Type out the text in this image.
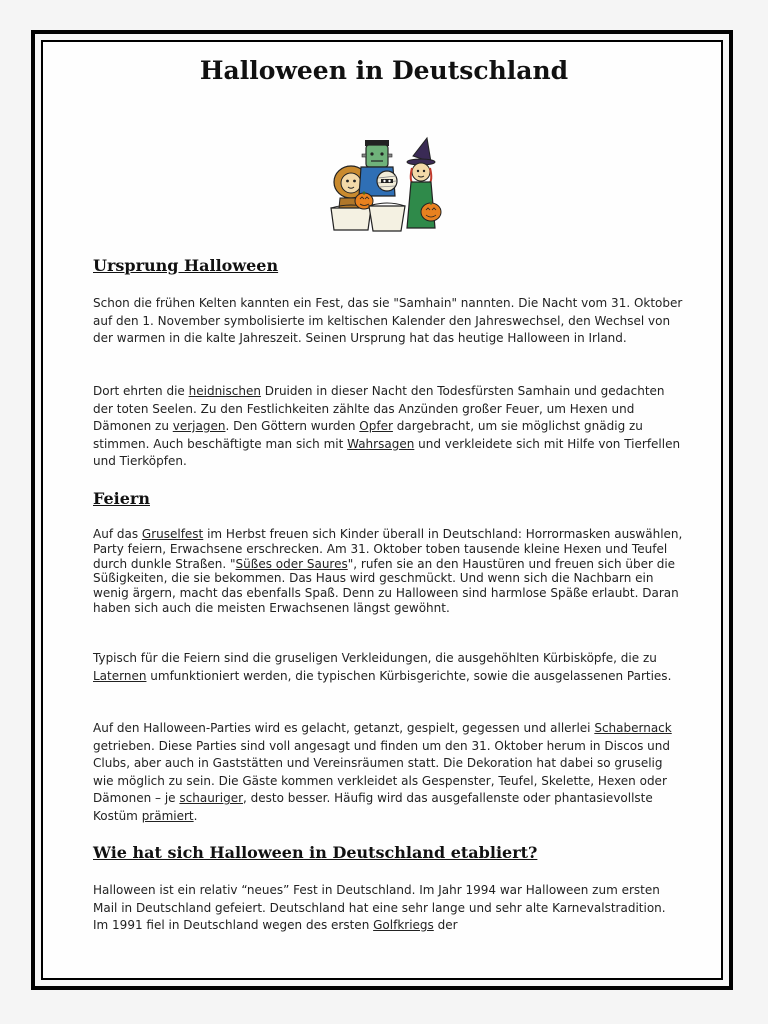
Halloween in Deutschland
Ursprung Halloween

Schon die frühen Kelten kannten ein Fest, das sie "Samhain" nannten. Die Nacht vom 31. Oktober auf den 1. November symbolisierte im keltischen Kalender den Jahreswechsel, den Wechsel von der warmen in die kalte Jahreszeit. Seinen Ursprung hat das heutige Halloween in Irland.

Dort ehrten die heidnischen Druiden in dieser Nacht den Todesfürsten Samhain und gedachten der toten Seelen. Zu den Festlichkeiten zählte das Anzünden großer Feuer, um Hexen und Dämonen zu verjagen. Den Göttern wurden Opfer dargebracht, um sie möglichst gnädig zu stimmen. Auch beschäftigte man sich mit Wahrsagen und verkleidete sich mit Hilfe von Tierfellen und Tierköpfen.

Feiern

Auf das Gruselfest im Herbst freuen sich Kinder überall in Deutschland: Horrormasken auswählen, Party feiern, Erwachsene erschrecken. Am 31. Oktober toben tausende kleine Hexen und Teufel durch dunkle Straßen. "Süßes oder Saures", rufen sie an den Haustüren und freuen sich über die Süßigkeiten, die sie bekommen. Das Haus wird geschmückt. Und wenn sich die Nachbarn ein wenig ärgern, macht das ebenfalls Spaß. Denn zu Halloween sind harmlose Späße erlaubt. Daran haben sich auch die meisten Erwachsenen längst gewöhnt.

Typisch für die Feiern sind die gruseligen Verkleidungen, die ausgehöhlten Kürbisköpfe, die zu Laternen umfunktioniert werden, die typischen Kürbisgerichte, sowie die ausgelassenen Parties.

Auf den Halloween-Parties wird es gelacht, getanzt, gespielt, gegessen und allerlei Schabernack getrieben. Diese Parties sind voll angesagt und finden um den 31. Oktober herum in Discos und Clubs, aber auch in Gaststätten und Vereinsräumen statt. Die Dekoration hat dabei so gruselig wie möglich zu sein. Die Gäste kommen verkleidet als Gespenster, Teufel, Skelette, Hexen oder Dämonen – je schauriger, desto besser. Häufig wird das ausgefallenste oder phantasievollste Kostüm prämiert.

Wie hat sich Halloween in Deutschland etabliert?

Halloween ist ein relativ “neues” Fest in Deutschland. Im Jahr 1994 war Halloween zum ersten Mail in Deutschland gefeiert. Deutschland hat eine sehr lange und sehr alte Karnevalstradition. Im 1991 fiel in Deutschland wegen des ersten Golfkriegs der
